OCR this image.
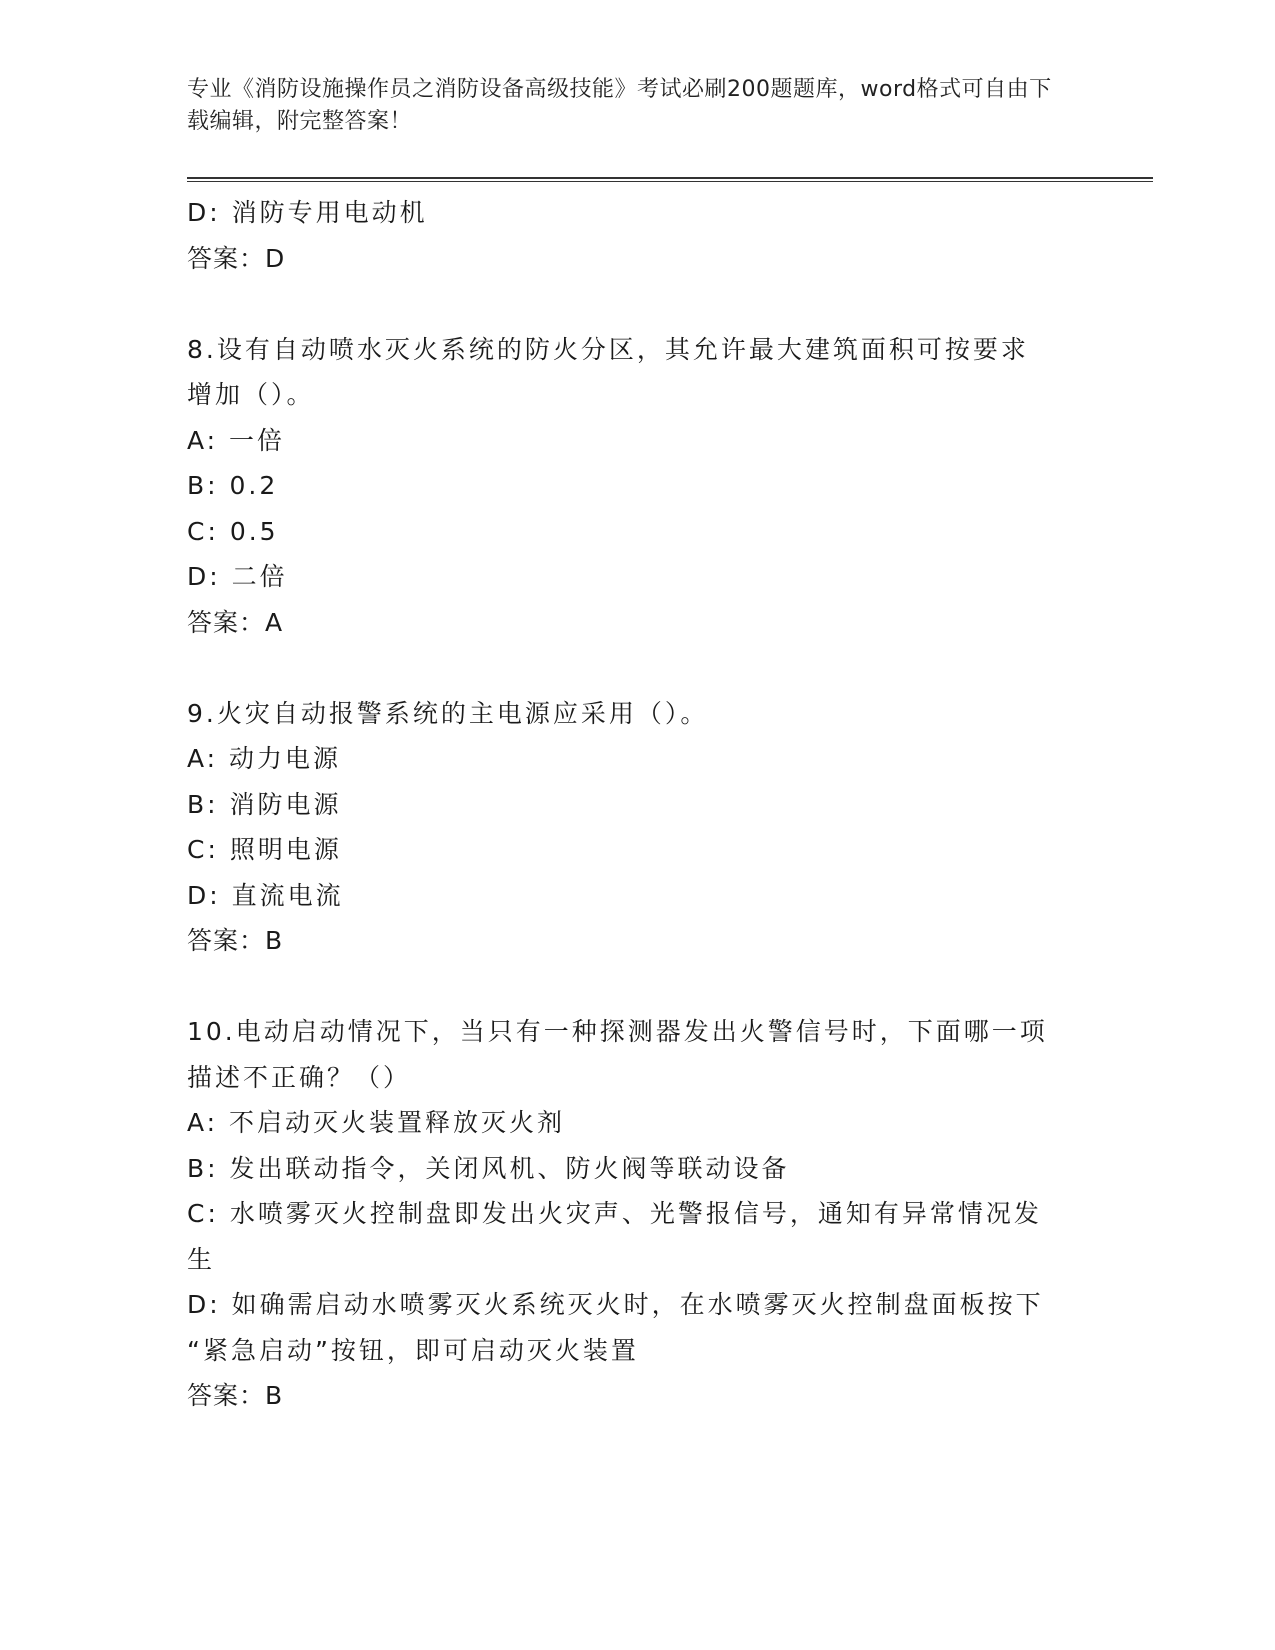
专业《消防设施操作员之消防设备高级技能》考试必刷200题题库，word格式可自由下载编辑，附完整答案！
D: 消防专用电动机
答案：D
8.设有自动喷水灭火系统的防火分区，其允许最大建筑面积可按要求
增加（）。
A: 一倍
B: 0.2
C: 0.5
D: 二倍
答案：A
9.火灾自动报警系统的主电源应采用（）。
A: 动力电源
B: 消防电源
C: 照明电源
D: 直流电流
答案：B
10.电动启动情况下，当只有一种探测器发出火警信号时，下面哪一项
描述不正确？（）
A: 不启动灭火装置释放灭火剂
B: 发出联动指令，关闭风机、防火阀等联动设备
C: 水喷雾灭火控制盘即发出火灾声、光警报信号，通知有异常情况发
生
D: 如确需启动水喷雾灭火系统灭火时，在水喷雾灭火控制盘面板按下
“紧急启动”按钮，即可启动灭火装置
答案：B
